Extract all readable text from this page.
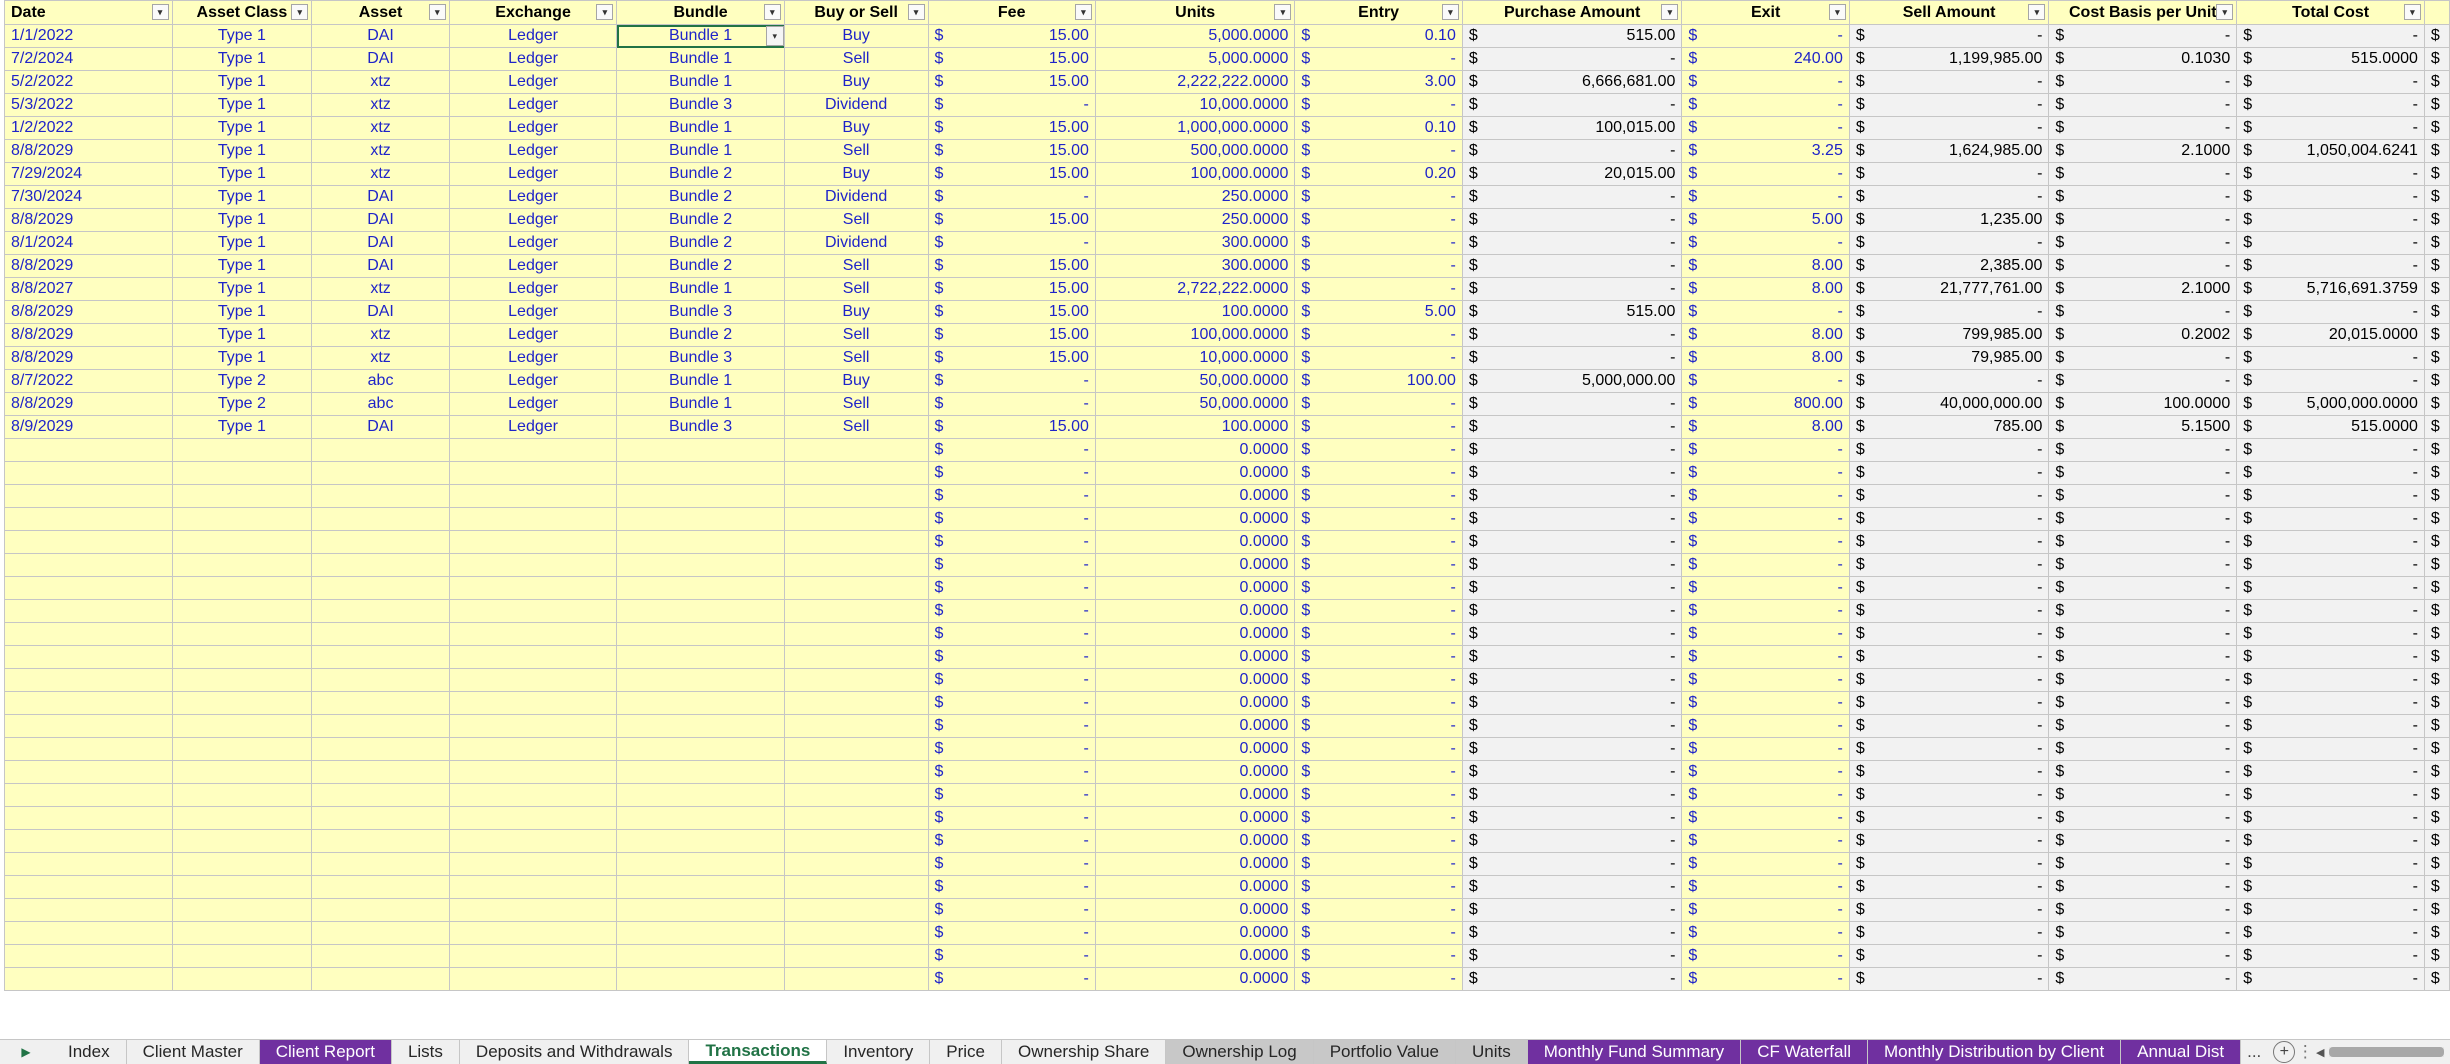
Date ▾	Asset Class ▾	Asset ▾	Exchange ▾	Bundle ▾	Buy or Sell ▾	Fee ▾	Units ▾	Entry ▾	Purchase Amount ▾	Exit ▾	Sell Amount ▾	Cost Basis per Unit ▾	Total Cost ▾	

1/1/2022	Type 1	DAI	Ledger	Bundle 1 ▾	Buy	$ 15.00	5,000.0000	$ 0.10	$ 515.00	$ -	$ -	$ -	$ -	$
7/2/2024	Type 1	DAI	Ledger	Bundle 1	Sell	$ 15.00	5,000.0000	$ -	$ -	$ 240.00	$ 1,199,985.00	$ 0.1030	$ 515.0000	$
5/2/2022	Type 1	xtz	Ledger	Bundle 1	Buy	$ 15.00	2,222,222.0000	$ 3.00	$ 6,666,681.00	$ -	$ -	$ -	$ -	$
5/3/2022	Type 1	xtz	Ledger	Bundle 3	Dividend	$ -	10,000.0000	$ -	$ -	$ -	$ -	$ -	$ -	$
1/2/2022	Type 1	xtz	Ledger	Bundle 1	Buy	$ 15.00	1,000,000.0000	$ 0.10	$ 100,015.00	$ -	$ -	$ -	$ -	$
8/8/2029	Type 1	xtz	Ledger	Bundle 1	Sell	$ 15.00	500,000.0000	$ -	$ -	$ 3.25	$ 1,624,985.00	$ 2.1000	$ 1,050,004.6241	$
7/29/2024	Type 1	xtz	Ledger	Bundle 2	Buy	$ 15.00	100,000.0000	$ 0.20	$ 20,015.00	$ -	$ -	$ -	$ -	$
7/30/2024	Type 1	DAI	Ledger	Bundle 2	Dividend	$ -	250.0000	$ -	$ -	$ -	$ -	$ -	$ -	$
8/8/2029	Type 1	DAI	Ledger	Bundle 2	Sell	$ 15.00	250.0000	$ -	$ -	$ 5.00	$ 1,235.00	$ -	$ -	$
8/1/2024	Type 1	DAI	Ledger	Bundle 2	Dividend	$ -	300.0000	$ -	$ -	$ -	$ -	$ -	$ -	$
8/8/2029	Type 1	DAI	Ledger	Bundle 2	Sell	$ 15.00	300.0000	$ -	$ -	$ 8.00	$ 2,385.00	$ -	$ -	$
8/8/2027	Type 1	xtz	Ledger	Bundle 1	Sell	$ 15.00	2,722,222.0000	$ -	$ -	$ 8.00	$ 21,777,761.00	$ 2.1000	$ 5,716,691.3759	$
8/8/2029	Type 1	DAI	Ledger	Bundle 3	Buy	$ 15.00	100.0000	$ 5.00	$ 515.00	$ -	$ -	$ -	$ -	$
8/8/2029	Type 1	xtz	Ledger	Bundle 2	Sell	$ 15.00	100,000.0000	$ -	$ -	$ 8.00	$ 799,985.00	$ 0.2002	$ 20,015.0000	$
8/8/2029	Type 1	xtz	Ledger	Bundle 3	Sell	$ 15.00	10,000.0000	$ -	$ -	$ 8.00	$ 79,985.00	$ -	$ -	$
8/7/2022	Type 2	abc	Ledger	Bundle 1	Buy	$ -	50,000.0000	$ 100.00	$ 5,000,000.00	$ -	$ -	$ -	$ -	$
8/8/2029	Type 2	abc	Ledger	Bundle 1	Sell	$ -	50,000.0000	$ -	$ -	$ 800.00	$ 40,000,000.00	$ 100.0000	$ 5,000,000.0000	$
8/9/2029	Type 1	DAI	Ledger	Bundle 3	Sell	$ 15.00	100.0000	$ -	$ -	$ 8.00	$ 785.00	$ 5.1500	$ 515.0000	$

						$ -	0.0000	$ -	$ -	$ -	$ -	$ -	$ -	$

						$ -	0.0000	$ -	$ -	$ -	$ -	$ -	$ -	$

						$ -	0.0000	$ -	$ -	$ -	$ -	$ -	$ -	$

						$ -	0.0000	$ -	$ -	$ -	$ -	$ -	$ -	$

						$ -	0.0000	$ -	$ -	$ -	$ -	$ -	$ -	$

						$ -	0.0000	$ -	$ -	$ -	$ -	$ -	$ -	$

						$ -	0.0000	$ -	$ -	$ -	$ -	$ -	$ -	$

						$ -	0.0000	$ -	$ -	$ -	$ -	$ -	$ -	$

						$ -	0.0000	$ -	$ -	$ -	$ -	$ -	$ -	$

						$ -	0.0000	$ -	$ -	$ -	$ -	$ -	$ -	$

						$ -	0.0000	$ -	$ -	$ -	$ -	$ -	$ -	$

						$ -	0.0000	$ -	$ -	$ -	$ -	$ -	$ -	$

						$ -	0.0000	$ -	$ -	$ -	$ -	$ -	$ -	$

						$ -	0.0000	$ -	$ -	$ -	$ -	$ -	$ -	$

						$ -	0.0000	$ -	$ -	$ -	$ -	$ -	$ -	$

						$ -	0.0000	$ -	$ -	$ -	$ -	$ -	$ -	$

						$ -	0.0000	$ -	$ -	$ -	$ -	$ -	$ -	$

						$ -	0.0000	$ -	$ -	$ -	$ -	$ -	$ -	$

						$ -	0.0000	$ -	$ -	$ -	$ -	$ -	$ -	$

						$ -	0.0000	$ -	$ -	$ -	$ -	$ -	$ -	$

						$ -	0.0000	$ -	$ -	$ -	$ -	$ -	$ -	$

						$ -	0.0000	$ -	$ -	$ -	$ -	$ -	$ -	$

						$ -	0.0000	$ -	$ -	$ -	$ -	$ -	$ -	$

						$ -	0.0000	$ -	$ -	$ -	$ -	$ -	$ -	$
▶	Index	Client Master	Client Report	Lists	Deposits and Withdrawals	Transactions	Inventory	Price	Ownership Share	Ownership Log	Portfolio Value	Units	Monthly Fund Summary	CF Waterfall	Monthly Distribution by Client	Annual Dist	...	+ ⋮ ◀
